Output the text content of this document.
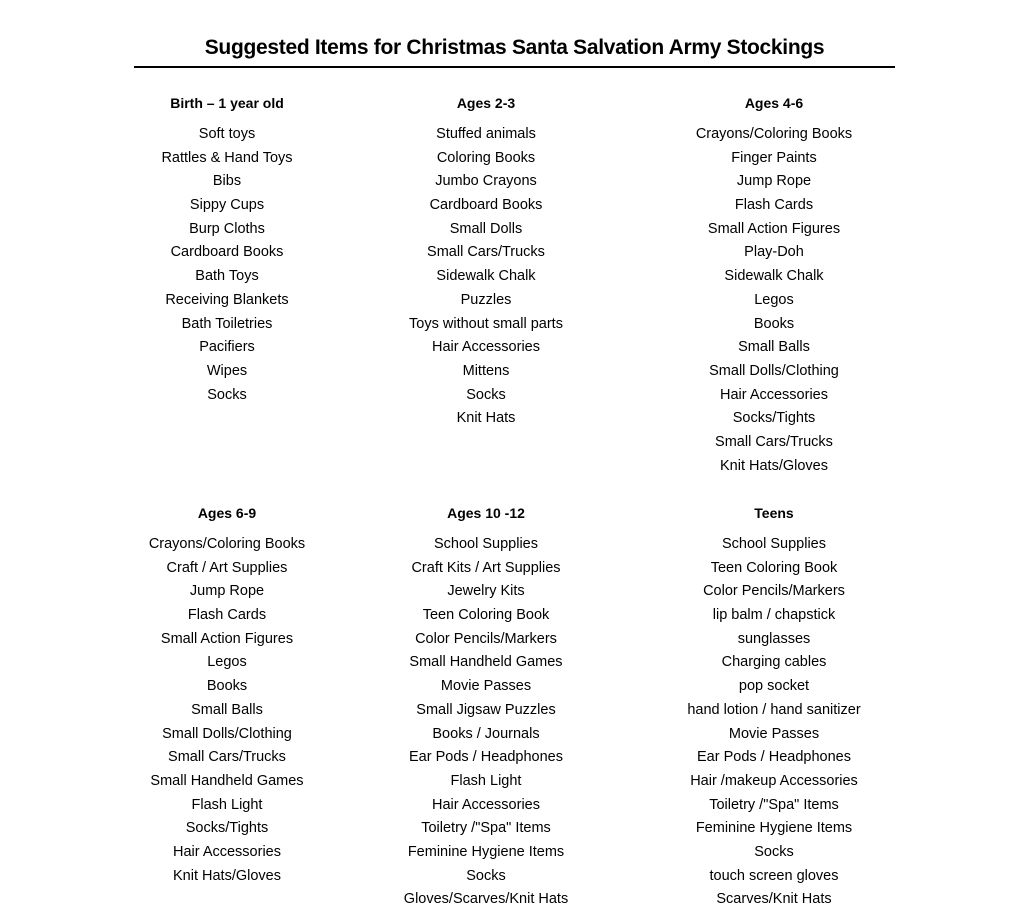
Suggested Items for Christmas Santa Salvation Army Stockings
Birth – 1 year old
Soft toys
Rattles & Hand Toys
Bibs
Sippy Cups
Burp Cloths
Cardboard Books
Bath Toys
Receiving Blankets
Bath Toiletries
Pacifiers
Wipes
Socks
Ages 2-3
Stuffed animals
Coloring Books
Jumbo Crayons
Cardboard Books
Small Dolls
Small Cars/Trucks
Sidewalk Chalk
Puzzles
Toys without small parts
Hair Accessories
Mittens
Socks
Knit Hats
Ages 4-6
Crayons/Coloring Books
Finger Paints
Jump Rope
Flash Cards
Small Action Figures
Play-Doh
Sidewalk Chalk
Legos
Books
Small Balls
Small Dolls/Clothing
Hair Accessories
Socks/Tights
Small Cars/Trucks
Knit Hats/Gloves
Ages 6-9
Crayons/Coloring Books
Craft / Art Supplies
Jump Rope
Flash Cards
Small Action Figures
Legos
Books
Small Balls
Small Dolls/Clothing
Small Cars/Trucks
Small Handheld Games
Flash Light
Socks/Tights
Hair Accessories
Knit Hats/Gloves
Ages 10 -12
School Supplies
Craft Kits / Art Supplies
Jewelry Kits
Teen Coloring Book
Color Pencils/Markers
Small Handheld Games
Movie Passes
Small Jigsaw Puzzles
Books / Journals
Ear Pods / Headphones
Flash Light
Hair Accessories
Toiletry /"Spa" Items
Feminine Hygiene Items
Socks
Gloves/Scarves/Knit Hats
Teens
School Supplies
Teen Coloring Book
Color Pencils/Markers
lip balm / chapstick
sunglasses
Charging cables
pop socket
hand lotion / hand sanitizer
Movie Passes
Ear Pods / Headphones
Hair /makeup Accessories
Toiletry /"Spa" Items
Feminine Hygiene Items
Socks
touch screen gloves
Scarves/Knit Hats
